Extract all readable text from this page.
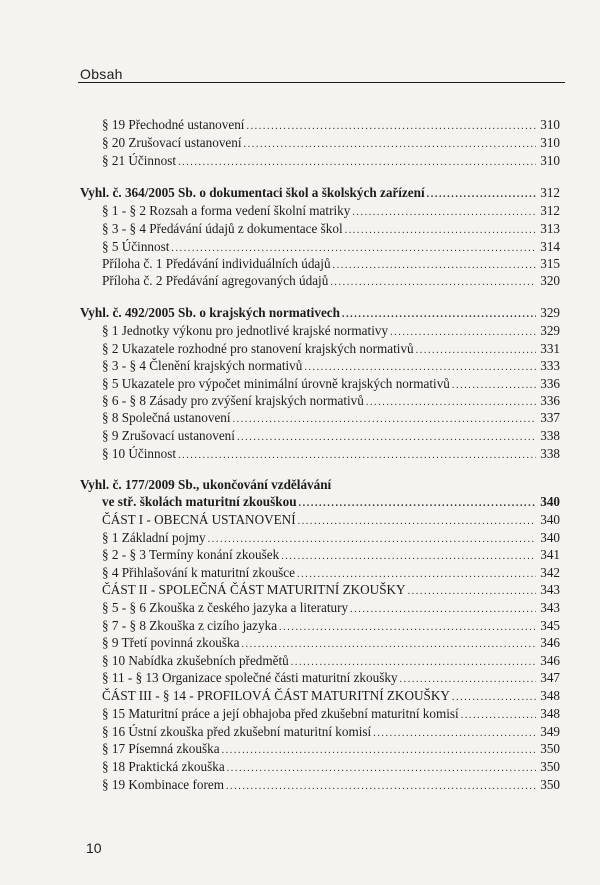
Obsah
§ 19 Přechodné ustanovení .....	310
§ 20 Zrušovací ustanovení .....	310
§ 21 Účinnost .....	310
Vyhl. č. 364/2005 Sb. o dokumentaci škol a školských zařízení .....	312
§ 1 - § 2 Rozsah a forma vedení školní matriky .....	312
§ 3 - § 4 Předávání údajů z dokumentace škol .....	313
§ 5 Účinnost .....	314
Příloha č. 1 Předávání individuálních údajů .....	315
Příloha č. 2 Předávání agregovaných údajů .....	320
Vyhl. č. 492/2005 Sb. o krajských normativech .....	329
§ 1 Jednotky výkonu pro jednotlivé krajské normativy .....	329
§ 2 Ukazatele rozhodné pro stanovení krajských normativů .....	331
§ 3 - § 4 Členění krajských normativů .....	333
§ 5 Ukazatele pro výpočet minimální úrovně krajských normativů .....	336
§ 6 - § 8 Zásady pro zvýšení krajských normativů .....	336
§ 8 Společná ustanovení .....	337
§ 9 Zrušovací ustanovení .....	338
§ 10 Účinnost .....	338
Vyhl. č. 177/2009 Sb., ukončování vzdělávání
ve stř. školách maturitní zkouškou .....	340
ČÁST I - OBECNÁ USTANOVENÍ .....	340
§ 1 Základní pojmy .....	340
§ 2 - § 3 Termíny konání zkoušek .....	341
§ 4 Přihlašování k maturitní zkoušce .....	342
ČÁST II - SPOLEČNÁ ČÁST MATURITNÍ ZKOUŠKY .....	343
§ 5 - § 6 Zkouška z českého jazyka a literatury .....	343
§ 7 - § 8 Zkouška z cizího jazyka .....	345
§ 9 Třetí povinná zkouška .....	346
§ 10 Nabídka zkušebních předmětů .....	346
§ 11 - § 13 Organizace společné části maturitní zkoušky .....	347
ČÁST III - § 14 - PROFILOVÁ ČÁST MATURITNÍ ZKOUŠKY .....	348
§ 15 Maturitní práce a její obhajoba před zkušební maturitní komisí .....	348
§ 16 Ústní zkouška před zkušební maturitní komisí .....	349
§ 17 Písemná zkouška .....	350
§ 18 Praktická zkouška .....	350
§ 19 Kombinace forem .....	350
10
